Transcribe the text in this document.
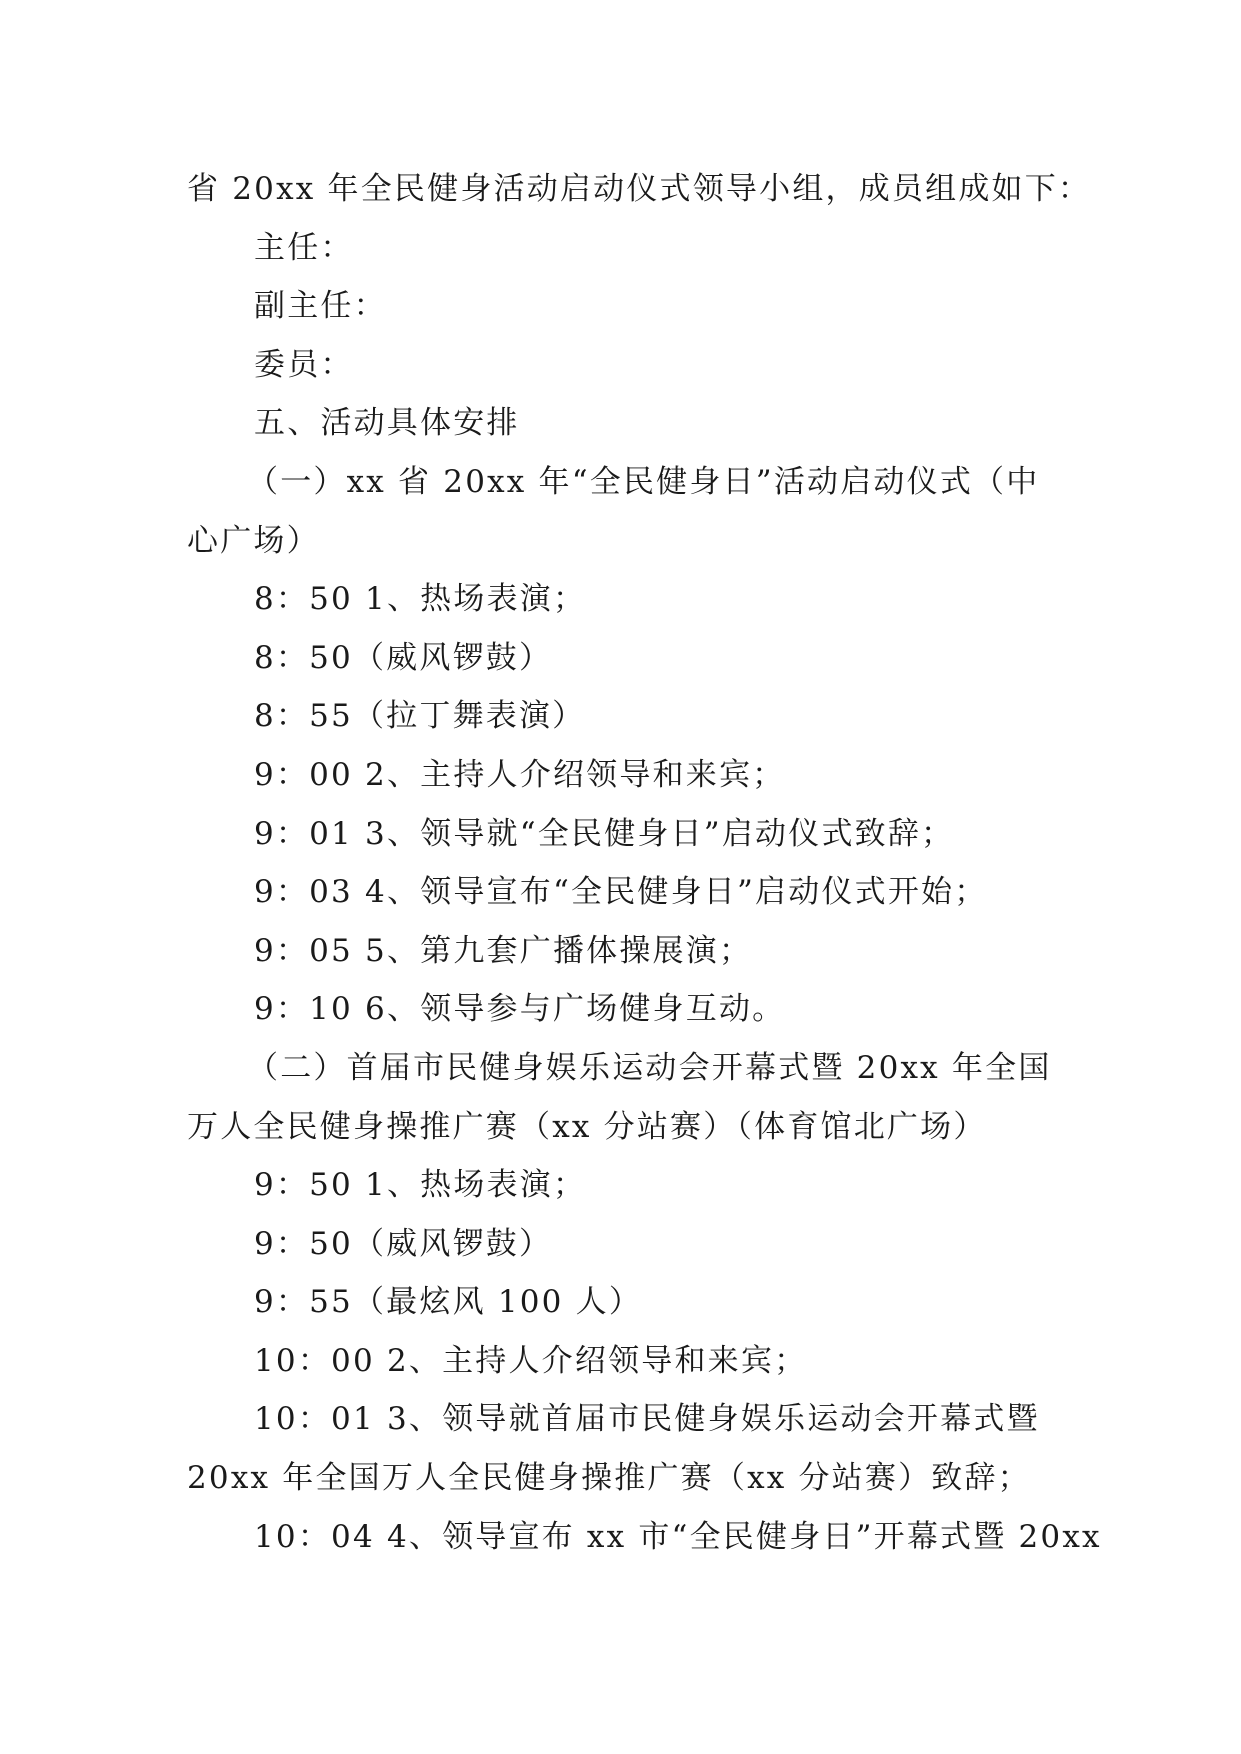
省 20xx 年全民健身活动启动仪式领导小组，成员组成如下：
主任：
副主任：
委员：
五、活动具体安排
（一）xx 省 20xx 年“全民健身日”活动启动仪式（中
心广场）
8：50 1、热场表演；
8：50（威风锣鼓）
8：55（拉丁舞表演）
9：00 2、主持人介绍领导和来宾；
9：01 3、领导就“全民健身日”启动仪式致辞；
9：03 4、领导宣布“全民健身日”启动仪式开始；
9：05 5、第九套广播体操展演；
9：10 6、领导参与广场健身互动。
（二）首届市民健身娱乐运动会开幕式暨 20xx 年全国
万人全民健身操推广赛（xx 分站赛）（体育馆北广场）
9：50 1、热场表演；
9：50（威风锣鼓）
9：55（最炫风 100 人）
10：00 2、主持人介绍领导和来宾；
10：01 3、领导就首届市民健身娱乐运动会开幕式暨
20xx 年全国万人全民健身操推广赛（xx 分站赛）致辞；
10：04 4、领导宣布 xx 市“全民健身日”开幕式暨 20xx
